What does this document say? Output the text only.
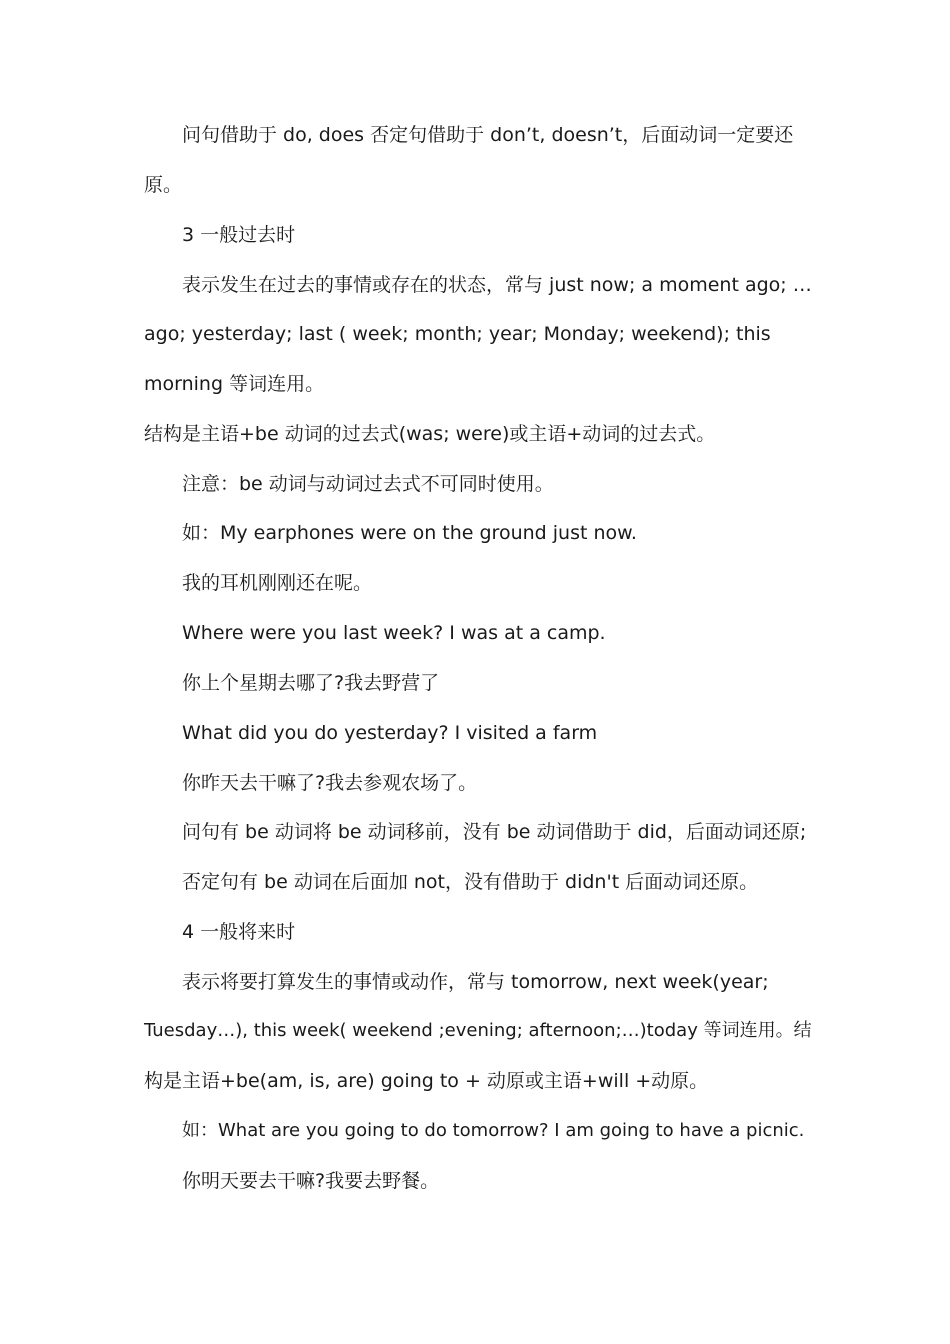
问句借助于 do, does 否定句借助于 don’t, doesn’t，后面动词一定要还
原。
3 一般过去时
表示发生在过去的事情或存在的状态，常与 just now; a moment ago; …
ago; yesterday; last ( week; month; year; Monday; weekend); this
morning 等词连用。
结构是主语+be 动词的过去式(was; were)或主语+动词的过去式。
注意：be 动词与动词过去式不可同时使用。
如：My earphones were on the ground just now.
我的耳机刚刚还在呢。
Where were you last week? I was at a camp.
你上个星期去哪了?我去野营了
What did you do yesterday? I visited a farm
你昨天去干嘛了?我去参观农场了。
问句有 be 动词将 be 动词移前，没有 be 动词借助于 did，后面动词还原;
否定句有 be 动词在后面加 not，没有借助于 didn't 后面动词还原。
4 一般将来时
表示将要打算发生的事情或动作，常与 tomorrow, next week(year;
Tuesday…), this week( weekend ;evening; afternoon;…)today 等词连用。结
构是主语+be(am, is, are) going to + 动原或主语+will +动原。
如：What are you going to do tomorrow? I am going to have a picnic.
你明天要去干嘛?我要去野餐。
